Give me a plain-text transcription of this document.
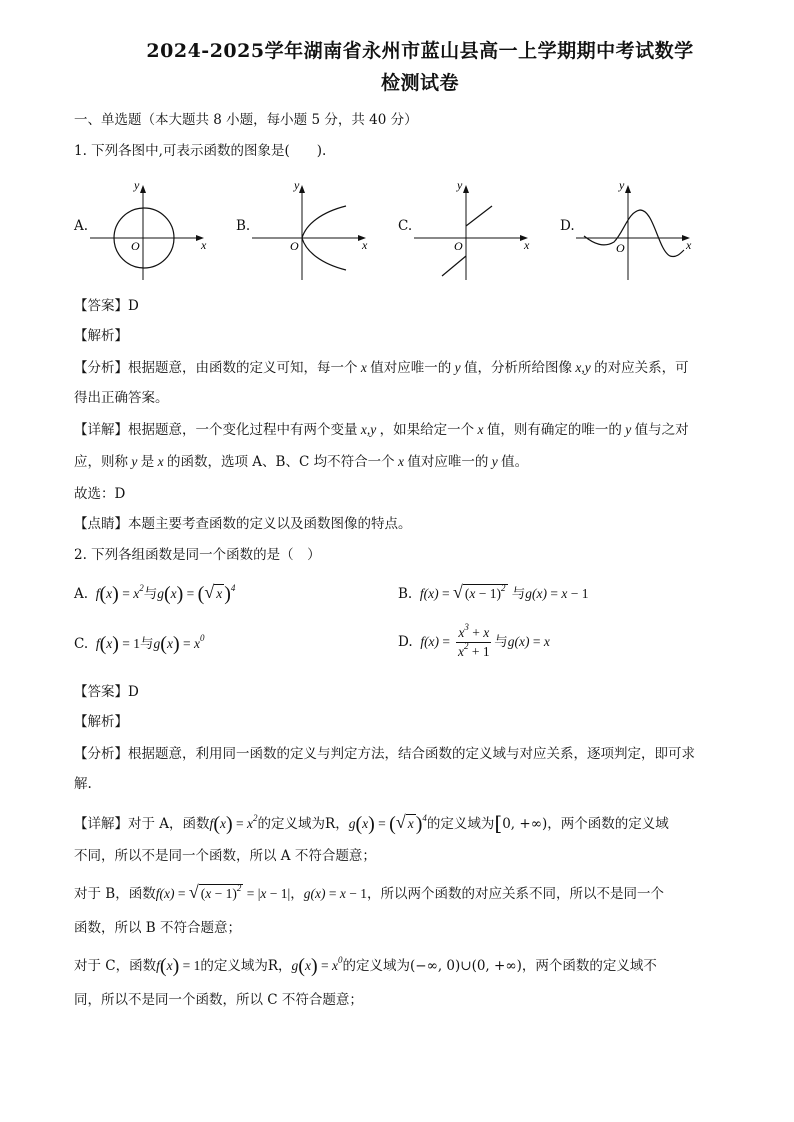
2024-2025学年湖南省永州市蓝山县高一上学期期中考试数学
检测试卷
一、单选题（本大题共 8 小题，每小题 5 分，共 40 分）
1. 下列各图中,可表示函数的图象是(　　).
A.	B.	C.	D.
y
x
O
y
x
O
y
x
O
y
x
O
【答案】D
【解析】
【分析】根据题意，由函数的定义可知，每一个 x 值对应唯一的 y 值，分析所给图像 x,y 的对应关系，可
得出正确答案。
【详解】根据题意，一个变化过程中有两个变量 x,y ，如果给定一个 x 值，则有确定的唯一的 y 值与之对
应，则称 y 是 x 的函数，选项 A、B、C 均不符合一个 x 值对应唯一的 y 值。
故选：D
【点睛】本题主要考查函数的定义以及函数图像的特点。
2. 下列各组函数是同一个函数的是（　）
A.  $f(x) = x^2$与g(x) = (√ x )$^4$	B.  f(x) = √ $(x - 1)^2$ 与g(x) = x − 1
C.  f(x) = 1与$g(x) = x^0$	D.  $f(x) = \frac{x^3 + x}{x^2 + 1}$ 与g(x) = x
【答案】D
【解析】
【分析】根据题意，利用同一函数的定义与判定方法，结合函数的定义域与对应关系，逐项判定，即可求
解.
【详解】对于 A，函数$f(x) = x^2$的定义域为R，g(x) = (√ x )$^4$的定义域为[0, +∞)，两个函数的定义域
不同，所以不是同一个函数，所以 A 不符合题意；
对于 B，函数f(x) = √ $(x - 1)^2 = |x - 1|$，g(x) = x − 1，所以两个函数的对应关系不同，所以不是同一个
函数，所以 B 不符合题意；
对于 C，函数f(x) = 1的定义域为R，$g(x) = x^0$的定义域为(−∞, 0)∪(0, +∞)，两个函数的定义域不
同，所以不是同一个函数，所以 C 不符合题意；
